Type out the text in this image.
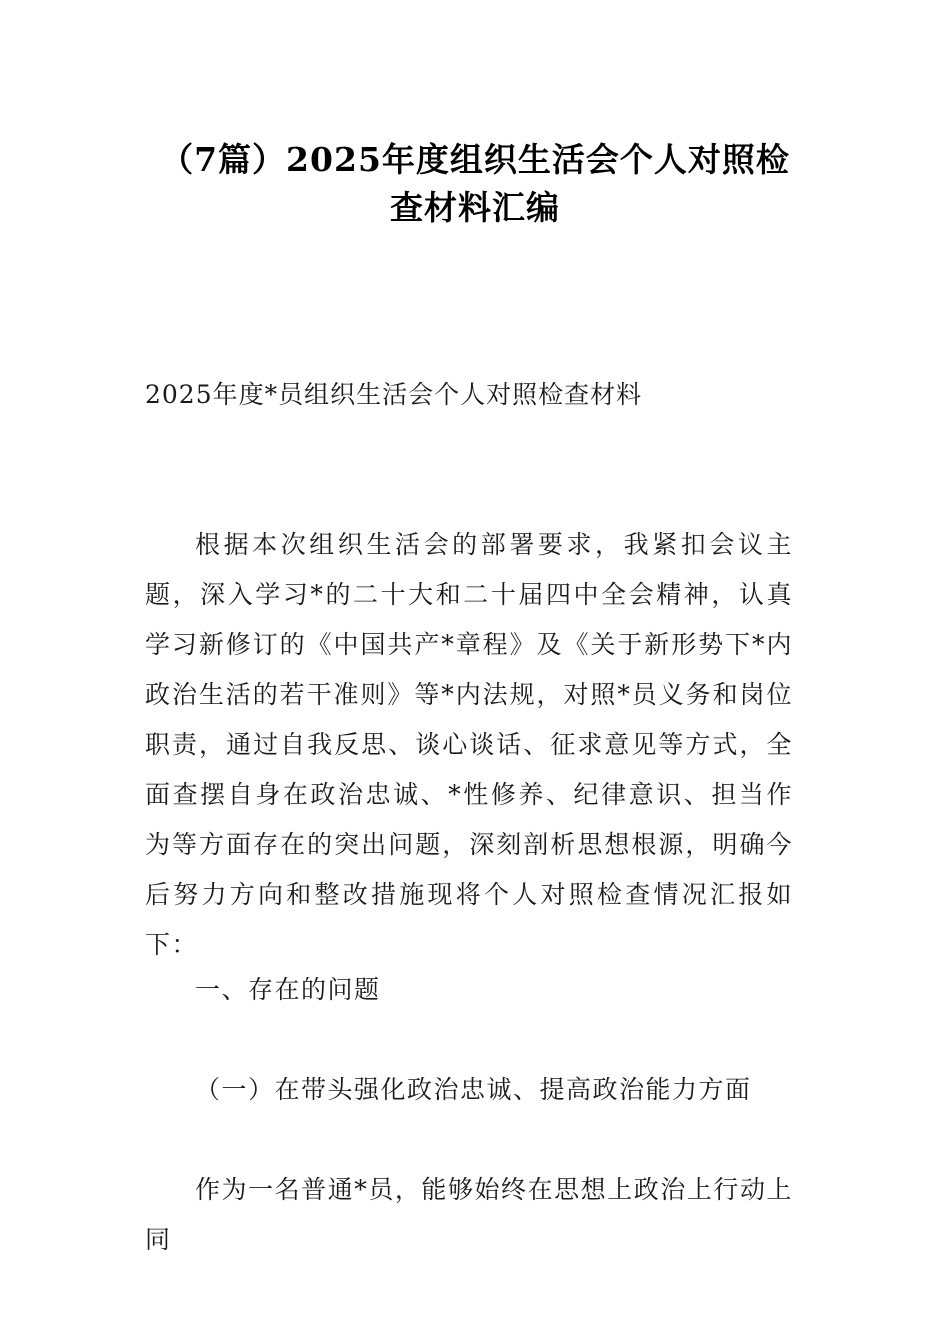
（7篇）2025年度组织生活会个人对照检查材料汇编

2025年度*员组织生活会个人对照检查材料

根据本次组织生活会的部署要求，我紧扣会议主题，深入学习*的二十大和二十届四中全会精神，认真学习新修订的《中国共产*章程》及《关于新形势下*内政治生活的若干准则》等*内法规，对照*员义务和岗位职责，通过自我反思、谈心谈话、征求意见等方式，全面查摆自身在政治忠诚、*性修养、纪律意识、担当作为等方面存在的突出问题，深刻剖析思想根源，明确今后努力方向和整改措施现将个人对照检查情况汇报如下：

一、存在的问题

（一）在带头强化政治忠诚、提高政治能力方面

作为一名普通*员，能够始终在思想上政治上行动上同
